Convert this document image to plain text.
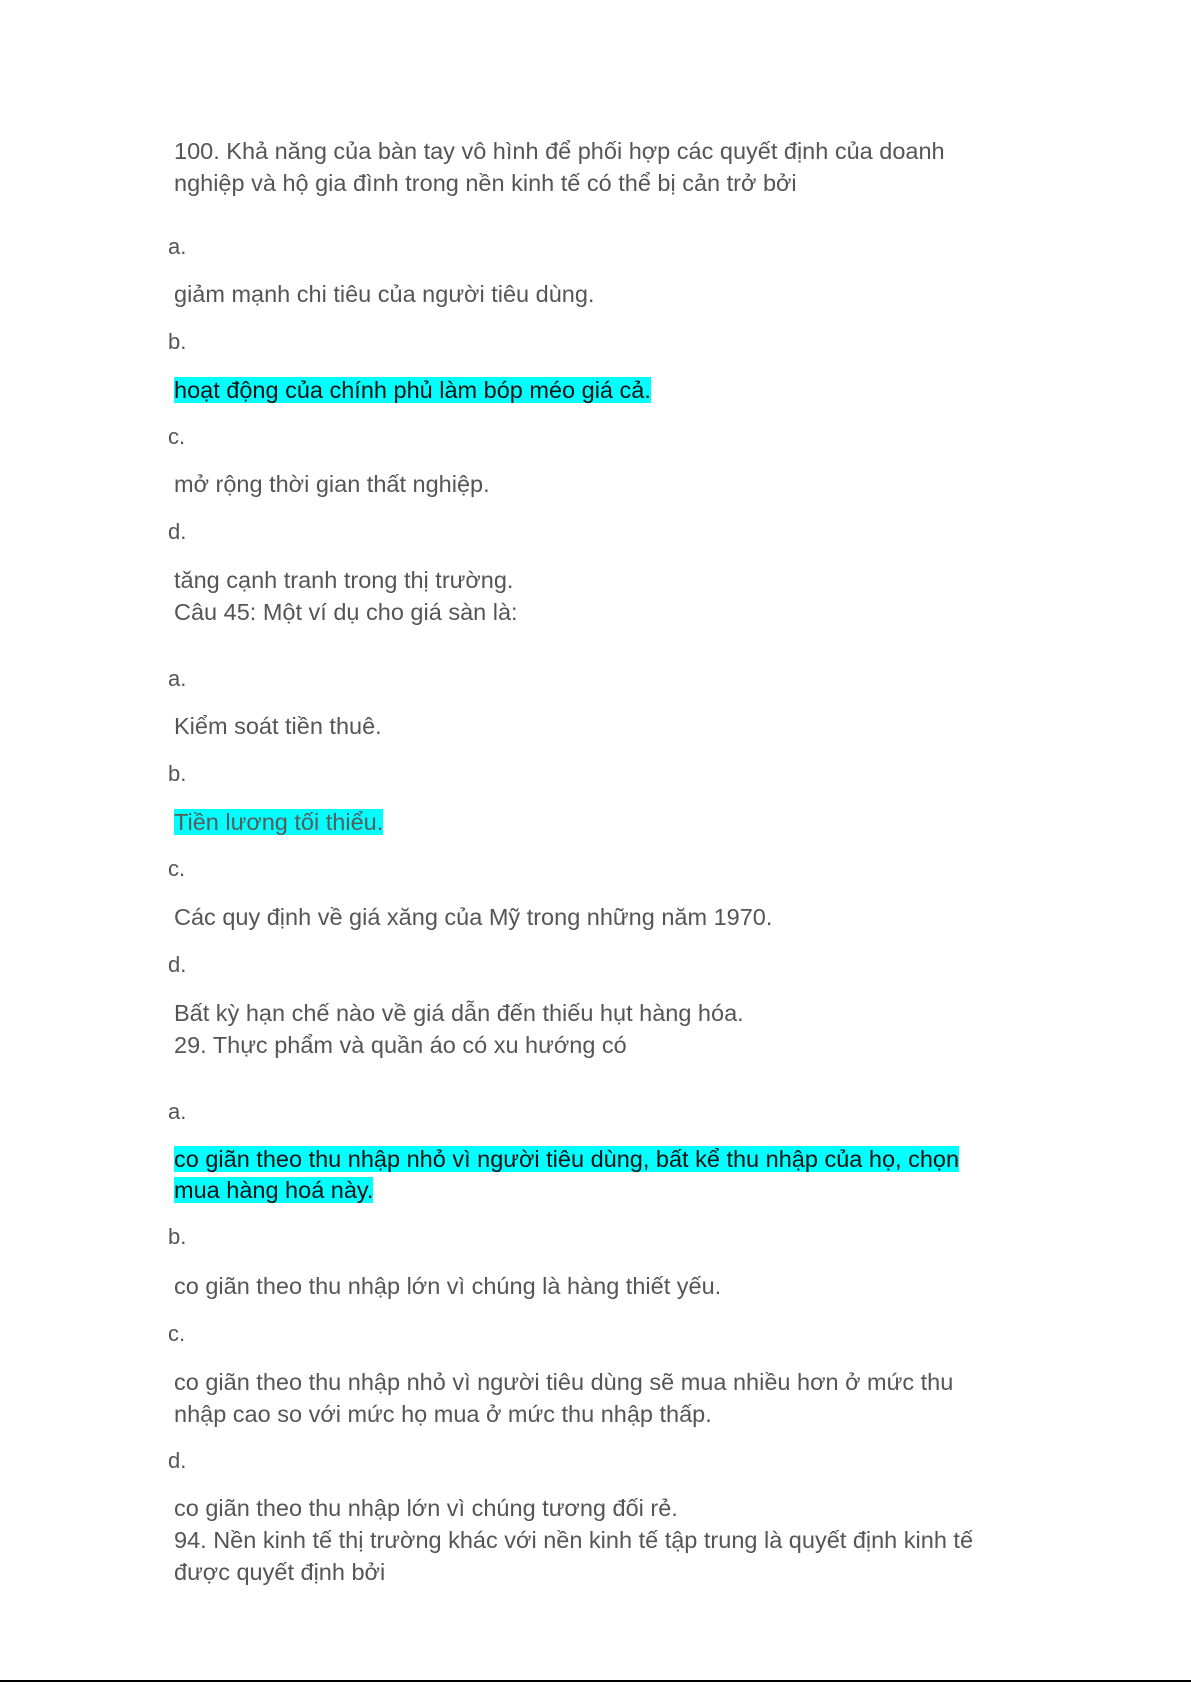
100. Khả năng của bàn tay vô hình để phối hợp các quyết định của doanh

nghiệp và hộ gia đình trong nền kinh tế có thể bị cản trở bởi

a.

giảm mạnh chi tiêu của người tiêu dùng.

b.

hoạt động của chính phủ làm bóp méo giá cả.

c.

mở rộng thời gian thất nghiệp.

d.

tăng cạnh tranh trong thị trường.

Câu 45: Một ví dụ cho giá sàn là:

a.

Kiểm soát tiền thuê.

b.

Tiền lương tối thiểu.

c.

Các quy định về giá xăng của Mỹ trong những năm 1970.

d.

Bất kỳ hạn chế nào về giá dẫn đến thiếu hụt hàng hóa.

29. Thực phẩm và quần áo có xu hướng có

a.

co giãn theo thu nhập nhỏ vì người tiêu dùng, bất kể thu nhập của họ, chọn

mua hàng hoá này.

b.

co giãn theo thu nhập lớn vì chúng là hàng thiết yếu.

c.

co giãn theo thu nhập nhỏ vì người tiêu dùng sẽ mua nhiều hơn ở mức thu

nhập cao so với mức họ mua ở mức thu nhập thấp.

d.

co giãn theo thu nhập lớn vì chúng tương đối rẻ.

94. Nền kinh tế thị trường khác với nền kinh tế tập trung là quyết định kinh tế

được quyết định bởi
